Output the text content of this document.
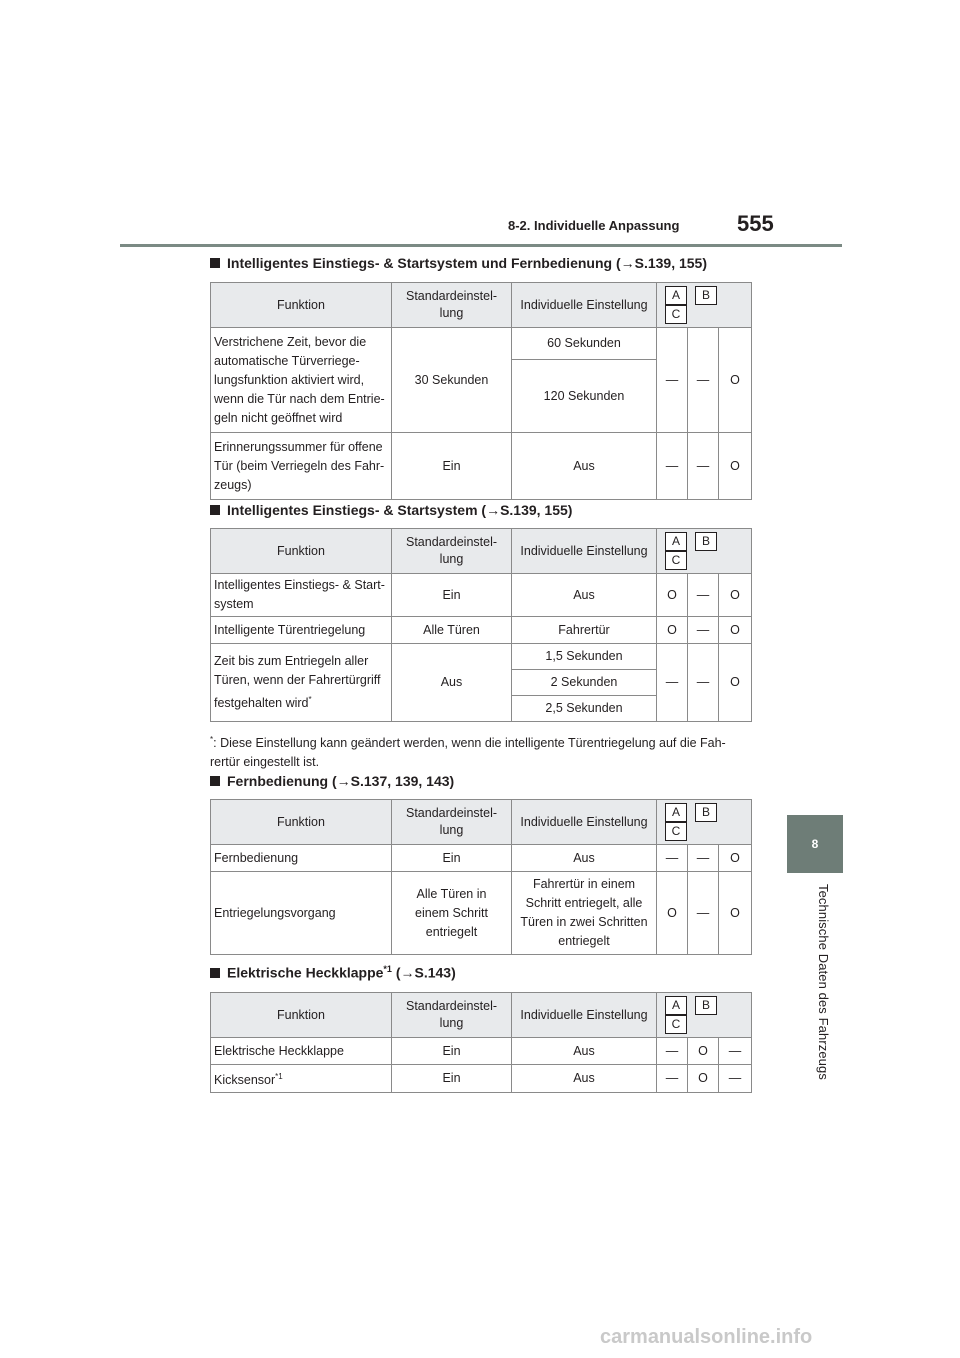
8-2. Individuelle Anpassung	555
8
Technische Daten des Fahrzeugs
Intelligentes Einstiegs- & Startsystem und Fernbedienung (→S.139, 155)
Funktion	Standardeinstel-lung	Individuelle Einstellung	A BC		
Verstrichene Zeit, bevor die automatische Türverriege-lungsfunktion aktiviert wird, wenn die Tür nach dem Entrie-geln nicht geöffnet wird	30 Sekunden	60 Sekunden	—	—	O
		120 Sekunden			
Erinnerungssummer für offene Tür (beim Verriegeln des Fahr-zeugs)	Ein	Aus	—	—	O
Intelligentes Einstiegs- & Startsystem (→S.139, 155)
Funktion	Standardeinstel-lung	Individuelle Einstellung	A BC		
Intelligentes Einstiegs- & Start-system	Ein	Aus	O	—	O
Intelligente Türentriegelung	Alle Türen	Fahrertür	O	—	O
Zeit bis zum Entriegeln aller Türen, wenn der Fahrertürgriff festgehalten wird*	Aus	1,5 Sekunden	—	—	O
		2 Sekunden			
		2,5 Sekunden			
*: Diese Einstellung kann geändert werden, wenn die intelligente Türentriegelung auf die Fah-rertür eingestellt ist.
Fernbedienung (→S.137, 139, 143)
Funktion	Standardeinstel-lung	Individuelle Einstellung	A BC		
Fernbedienung	Ein	Aus	—	—	O
Entriegelungsvorgang	Alle Türen in einem Schritt entriegelt	Fahrertür in einem Schritt entriegelt, alle Türen in zwei Schritten entriegelt	O	—	O
Elektrische Heckklappe$^{*1}$ (→S.143)
Funktion	Standardeinstel-lung	Individuelle Einstellung	A BC		
Elektrische Heckklappe	Ein	Aus	—	O	—
Kicksensor$^{*1}$	Ein	Aus	—	O	—
carmanualsonline.info
